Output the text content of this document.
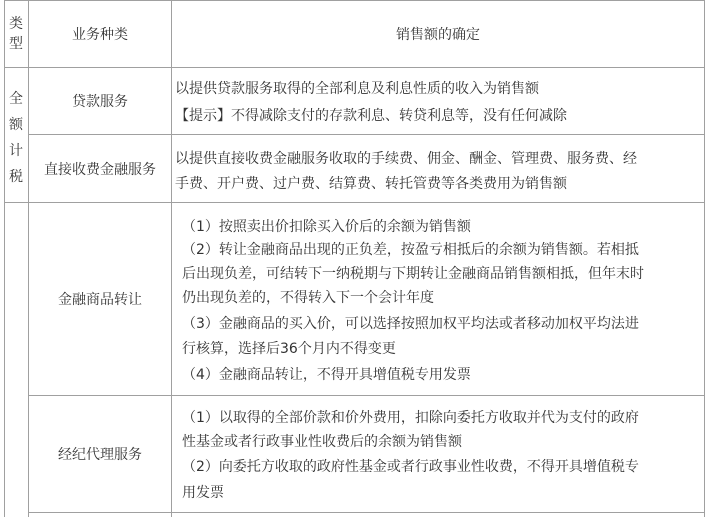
类
型
业务种类	销售额的确定
全
额
计
税
贷款服务
以提供贷款服务取得的全部利息及利息性质的收入为销售额
【提示】不得减除支付的存款利息、转贷利息等，没有任何减除
直接收费金融服务
以提供直接收费金融服务收取的手续费、佣金、酬金、管理费、服务费、经
手费、开户费、过户费、结算费、转托管费等各类费用为销售额
金融商品转让
（1）按照卖出价扣除买入价后的余额为销售额
（2）转让金融商品出现的正负差，按盈亏相抵后的余额为销售额。若相抵
后出现负差，可结转下一纳税期与下期转让金融商品销售额相抵，但年末时
仍出现负差的，不得转入下一个会计年度
（3）金融商品的买入价，可以选择按照加权平均法或者移动加权平均法进
行核算，选择后36个月内不得变更
（4）金融商品转让，不得开具增值税专用发票
经纪代理服务
（1）以取得的全部价款和价外费用，扣除向委托方收取并代为支付的政府
性基金或者行政事业性收费后的余额为销售额
（2）向委托方收取的政府性基金或者行政事业性收费，不得开具增值税专
用发票
